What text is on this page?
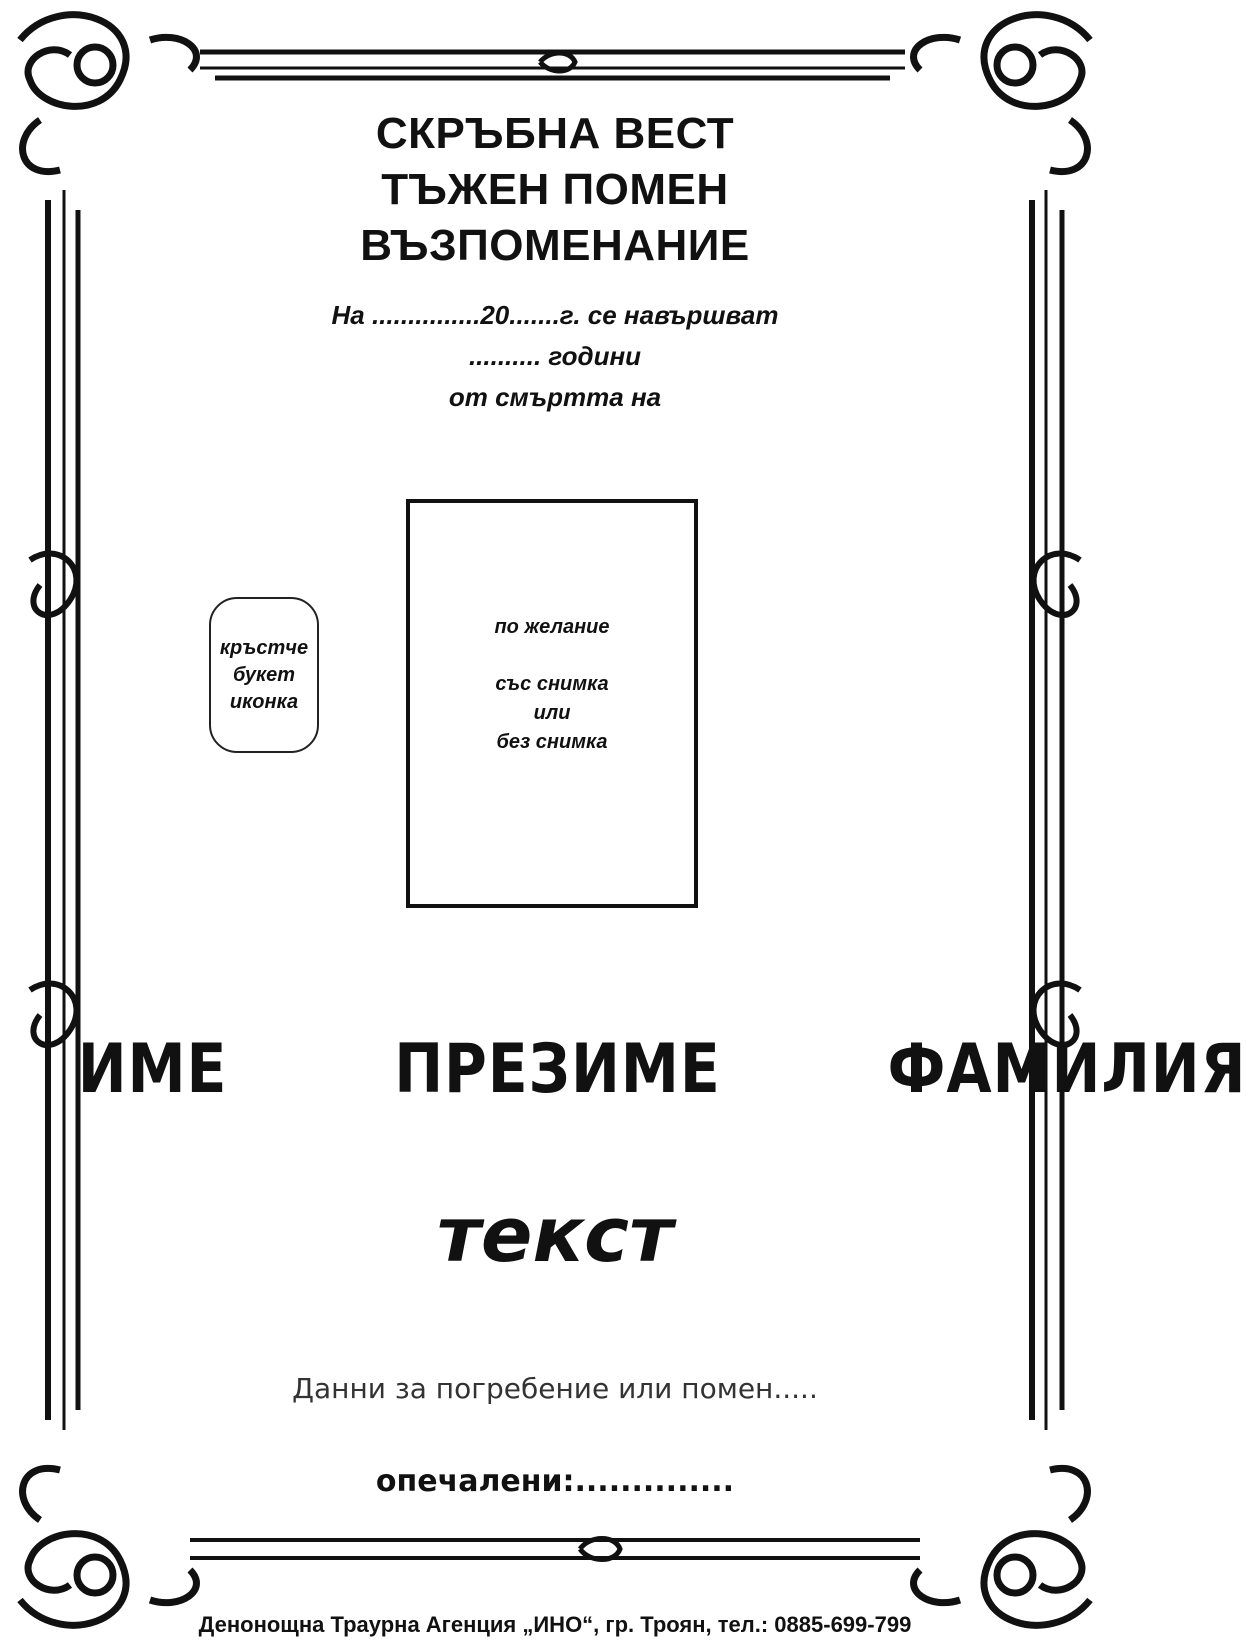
СКРЪБНА ВЕСТ
ТЪЖЕН ПОМЕН
ВЪЗПОМЕНАНИЕ
На ...............20.......г. се навършват
.......... години
от смъртта на
кръстче
букет
иконка
по желание
със снимка
или
без снимка
ИМЕ   ПРЕЗИМЕ   ФАМИЛИЯ
текст
Данни за погребение или помен.....
опечалени:..............
Денонощна Траурна Агенция „ИНО“, гр. Троян, тел.: 0885-699-799
